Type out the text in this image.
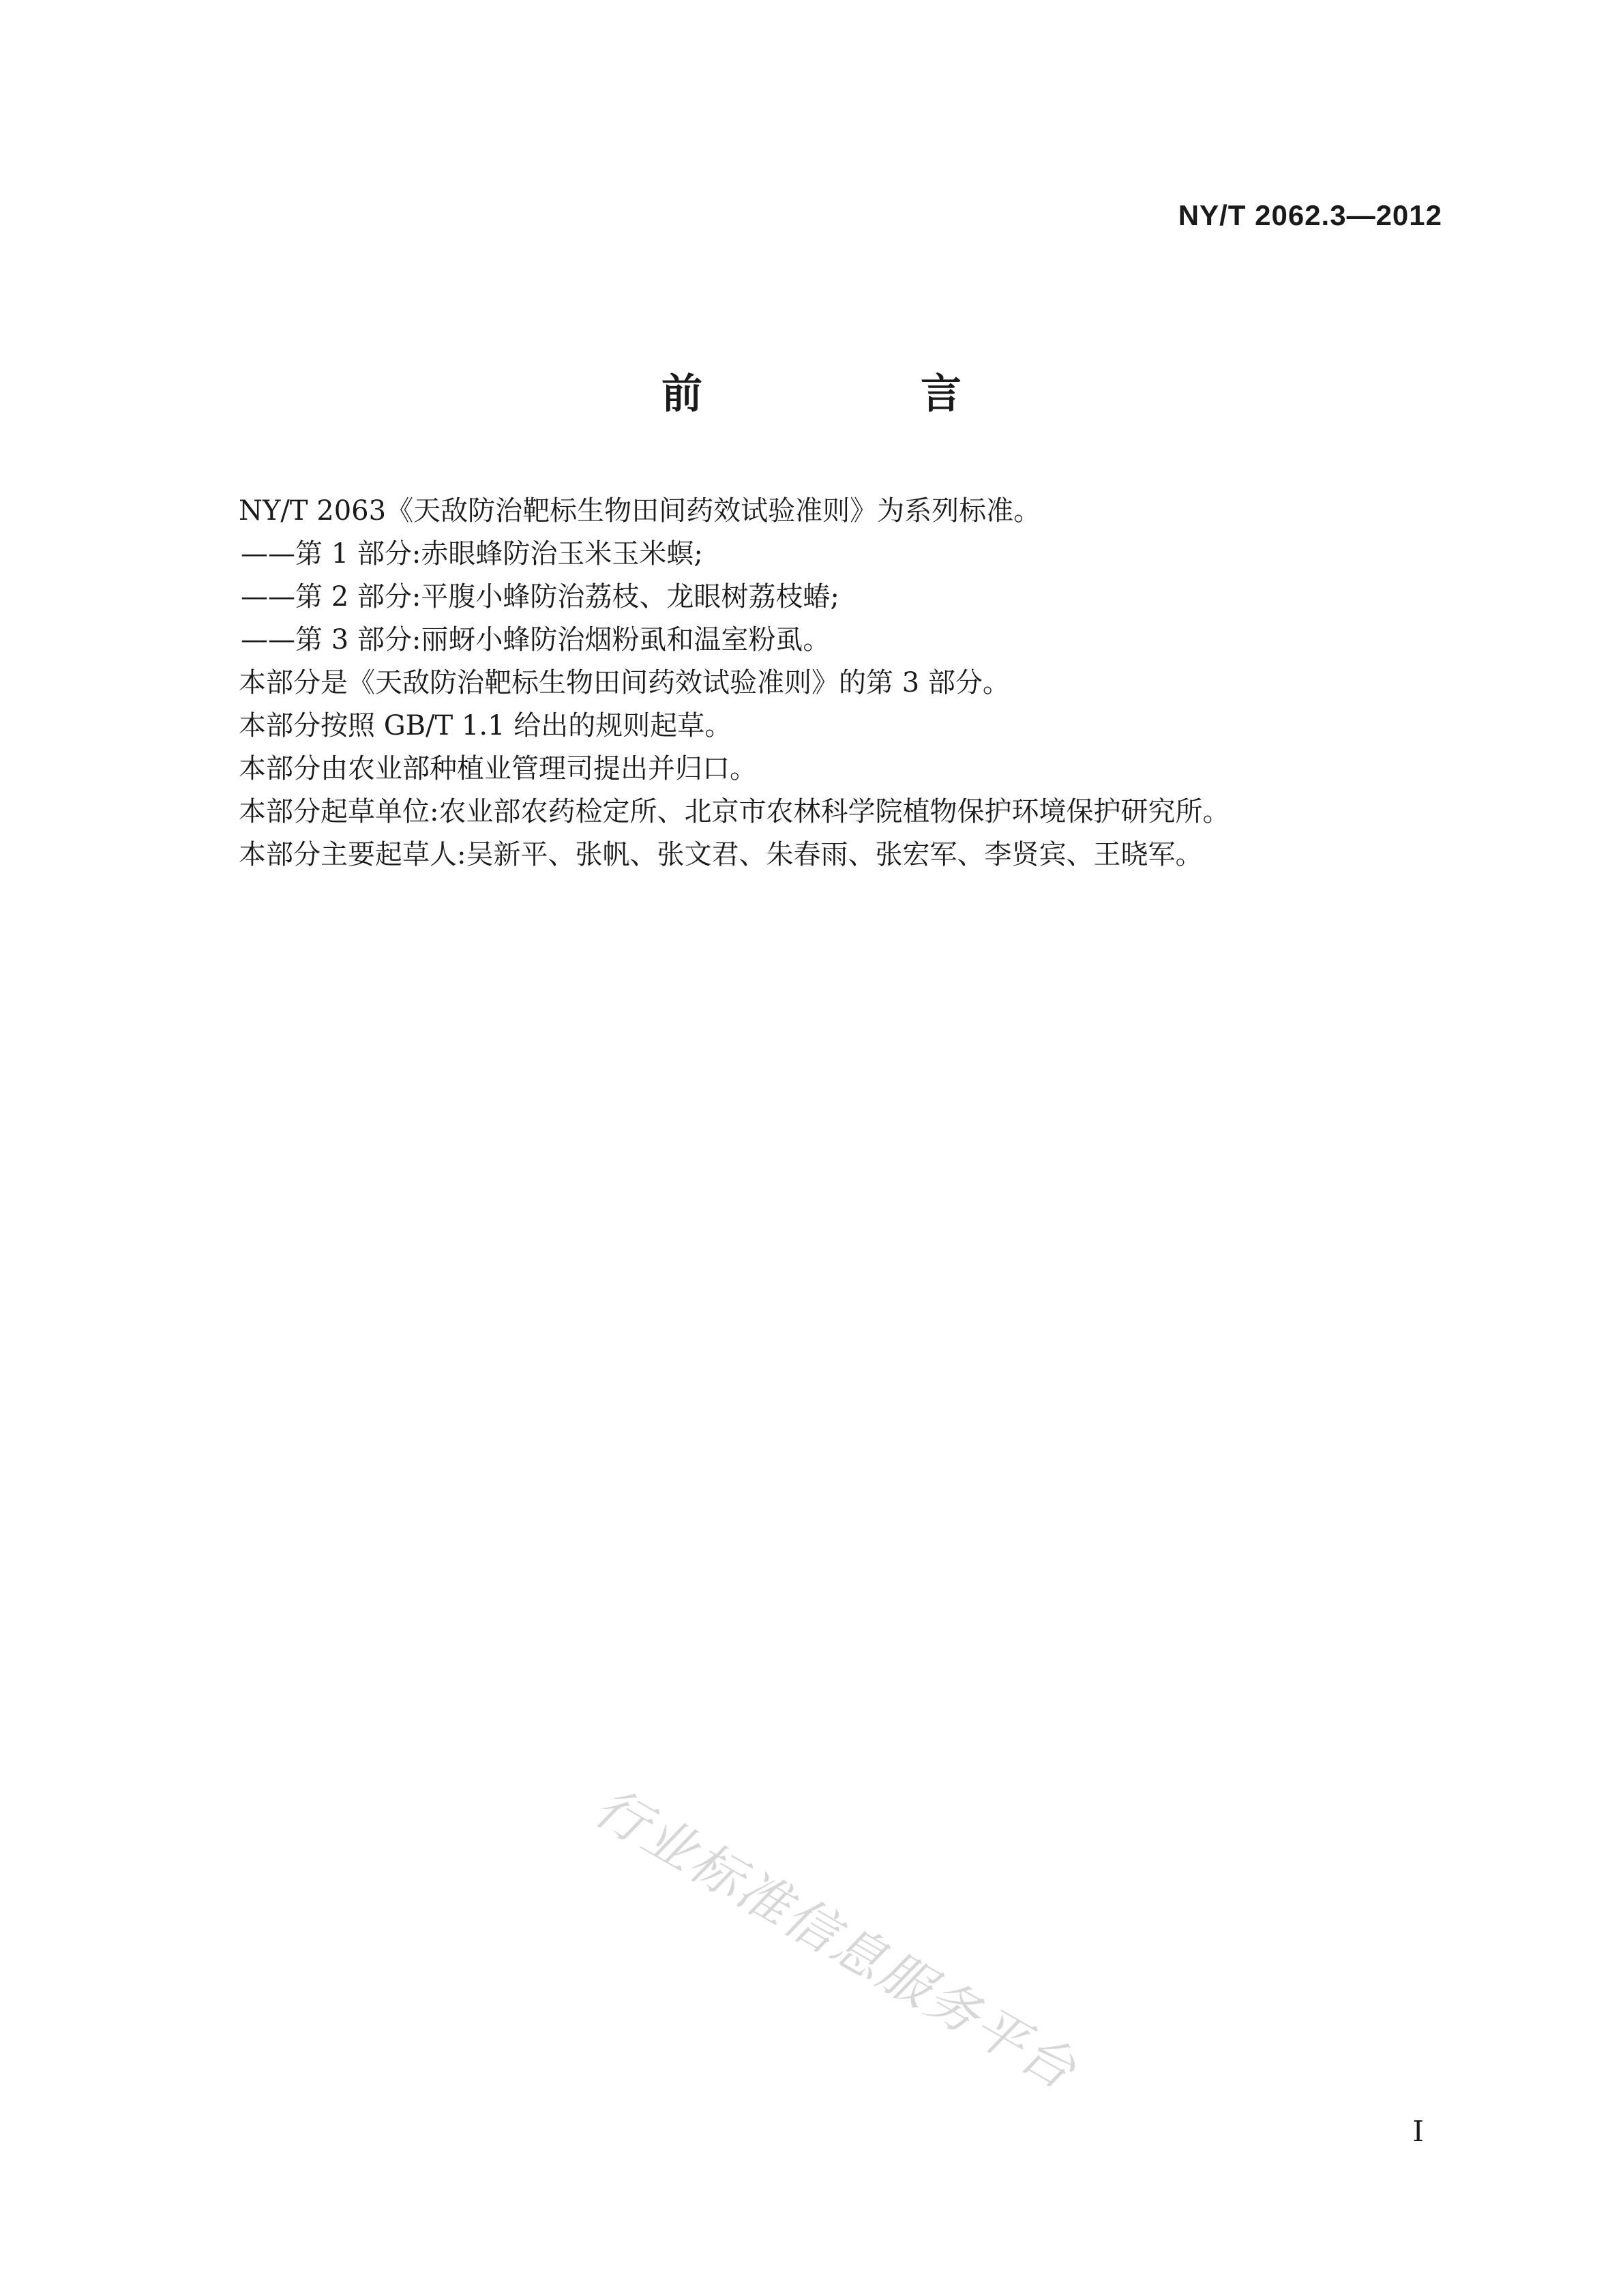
NY/T 2062.3—2012
前　言
NY/T 2063《天敌防治靶标生物田间药效试验准则》为系列标准。
——第 1 部分:赤眼蜂防治玉米玉米螟;
——第 2 部分:平腹小蜂防治荔枝、龙眼树荔枝蝽;
——第 3 部分:丽蚜小蜂防治烟粉虱和温室粉虱。
本部分是《天敌防治靶标生物田间药效试验准则》的第 3 部分。
本部分按照 GB/T 1.1 给出的规则起草。
本部分由农业部种植业管理司提出并归口。
本部分起草单位:农业部农药检定所、北京市农林科学院植物保护环境保护研究所。
本部分主要起草人:吴新平、张帆、张文君、朱春雨、张宏军、李贤宾、王晓军。
行业标准信息服务平台
I
